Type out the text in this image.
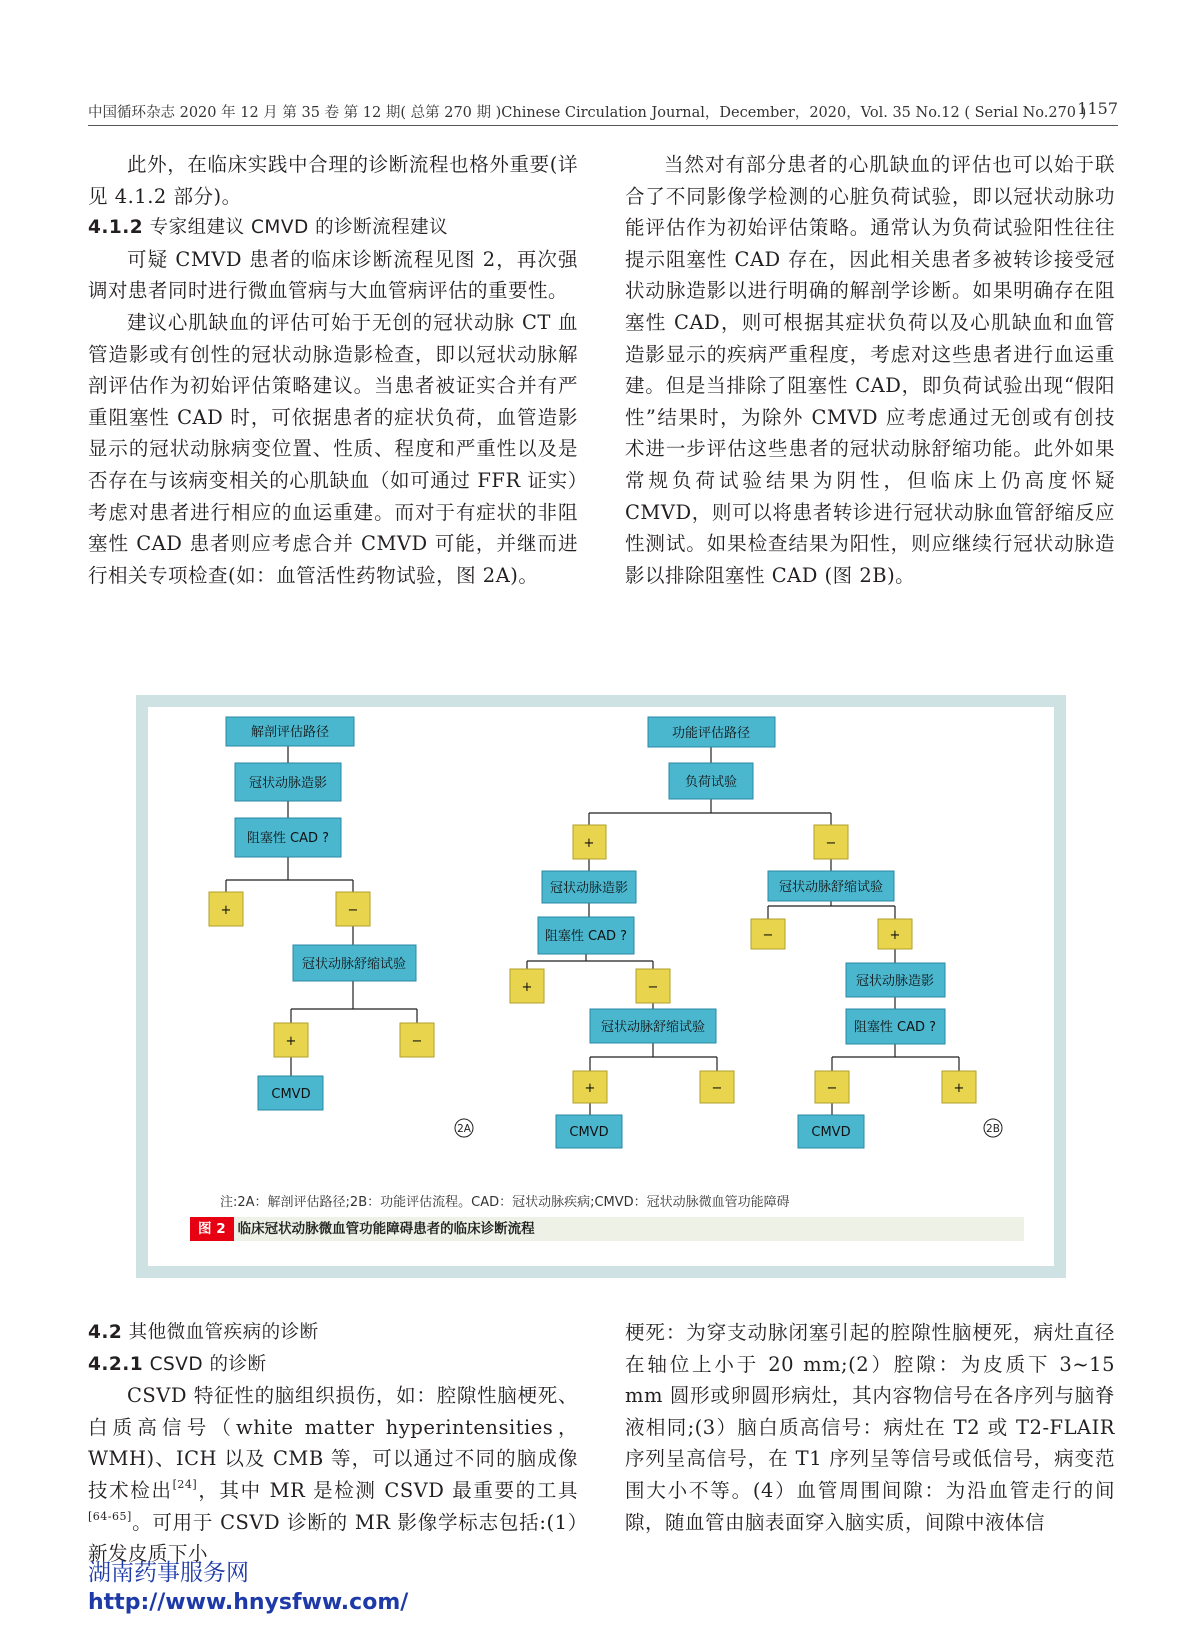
中国循环杂志 2020 年 12 月 第 35 卷 第 12 期( 总第 270 期 )Chinese Circulation Journal，December，2020，Vol. 35 No.12 ( Serial No.270 )
1157

此外，在临床实践中合理的诊断流程也格外重要(详见 4.1.2 部分)。

4.1.2 专家组建议 CMVD 的诊断流程建议

可疑 CMVD 患者的临床诊断流程见图 2，再次强调对患者同时进行微血管病与大血管病评估的重要性。

建议心肌缺血的评估可始于无创的冠状动脉 CT 血管造影或有创性的冠状动脉造影检查，即以冠状动脉解剖评估作为初始评估策略建议。当患者被证实合并有严重阻塞性 CAD 时，可依据患者的症状负荷，血管造影显示的冠状动脉病变位置、性质、程度和严重性以及是否存在与该病变相关的心肌缺血（如可通过 FFR 证实）考虑对患者进行相应的血运重建。而对于有症状的非阻塞性 CAD 患者则应考虑合并 CMVD 可能，并继而进行相关专项检查(如：血管活性药物试验，图 2A)。

当然对有部分患者的心肌缺血的评估也可以始于联合了不同影像学检测的心脏负荷试验，即以冠状动脉功能评估作为初始评估策略。通常认为负荷试验阳性往往提示阻塞性 CAD 存在，因此相关患者多被转诊接受冠状动脉造影以进行明确的解剖学诊断。如果明确存在阻塞性 CAD，则可根据其症状负荷以及心肌缺血和血管造影显示的疾病严重程度，考虑对这些患者进行血运重建。但是当排除了阻塞性 CAD，即负荷试验出现“假阳性”结果时，为除外 CMVD 应考虑通过无创或有创技术进一步评估这些患者的冠状动脉舒缩功能。此外如果常规负荷试验结果为阴性，但临床上仍高度怀疑 CMVD，则可以将患者转诊进行冠状动脉血管舒缩反应性测试。如果检查结果为阳性，则应继续行冠状动脉造影以排除阻塞性 CAD (图 2B)。

解剖评估路径
冠状动脉造影
阻塞性 CAD ?
冠状动脉舒缩试验
CMVD
+	−
+	−
功能评估路径
负荷试验
冠状动脉造影
阻塞性 CAD ?
冠状动脉舒缩试验
CMVD
冠状动脉舒缩试验
冠状动脉造影
阻塞性 CAD ?
CMVD
+	−
+	−
+	−
−	+
−	+
2A	2B
注:2A：解剖评估路径;2B：功能评估流程。CAD：冠状动脉疾病;CMVD：冠状动脉微血管功能障碍
图 2 临床冠状动脉微血管功能障碍患者的临床诊断流程

4.2 其他微血管疾病的诊断

4.2.1 CSVD 的诊断

CSVD 特征性的脑组织损伤，如：腔隙性脑梗死、白质高信号（white matter hyperintensities，WMH)、ICH 以及 CMB 等，可以通过不同的脑成像技术检出[24]，其中 MR 是检测 CSVD 最重要的工具[64-65]。可用于 CSVD 诊断的 MR 影像学标志包括:(1）新发皮质下小

梗死：为穿支动脉闭塞引起的腔隙性脑梗死，病灶直径在轴位上小于 20 mm;(2）腔隙：为皮质下 3~15 mm 圆形或卵圆形病灶，其内容物信号在各序列与脑脊液相同;(3）脑白质高信号：病灶在 T2 或 T2-FLAIR 序列呈高信号，在 T1 序列呈等信号或低信号，病变范围大小不等。(4）血管周围间隙：为沿血管走行的间隙，随血管由脑表面穿入脑实质，间隙中液体信

湖南药事服务网
http://www.hnysfww.com/
